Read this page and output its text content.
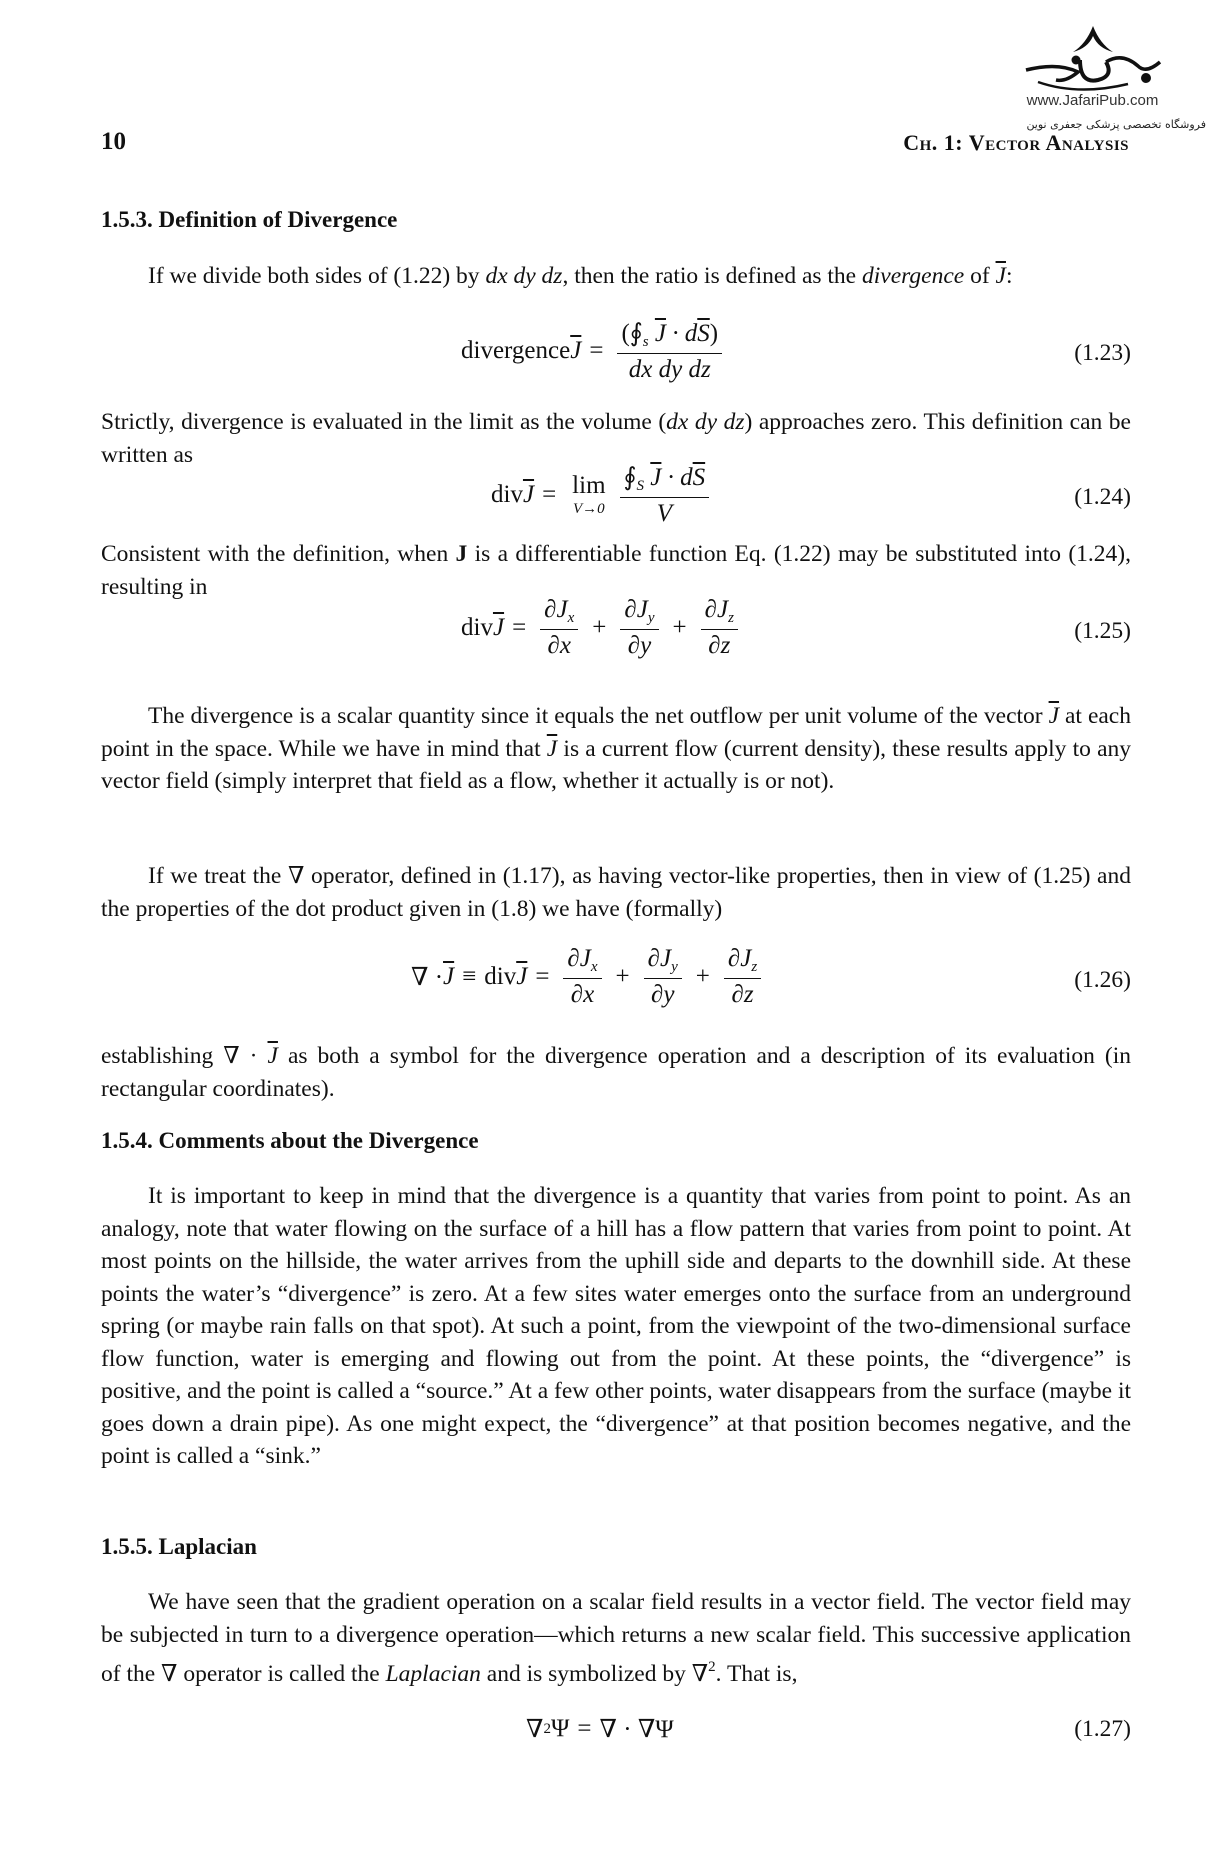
10
www.JafariPub.com
فروشگاه تخصصی پزشکی جعفری نوین
Ch. 1: Vector Analysis
1.5.3. Definition of Divergence
If we divide both sides of (1.22) by dx dy dz, then the ratio is defined as the divergence of $\overline{J}$:
divergence $\overline{J} = \frac{(∮_s \overline{J} \cdot d\overline{S})}{\text{dx dy dz}}$	(1.23)
Strictly, divergence is evaluated in the limit as the volume (dx dy dz) approaches zero. This definition can be written as
div $\overline{J} = \lim$
$V\to 0 \frac{∮_S \overline{J} \cdot d\overline{S}}{V}$	(1.24)
Consistent with the definition, when J is a differentiable function Eq. (1.22) may be substituted into (1.24), resulting in
div $\overline{J} = \frac{\partial J_x}{\partial x} + \frac{\partial J_y}{\partial y} + \frac{\partial J_z}{\partial z}$	(1.25)
The divergence is a scalar quantity since it equals the net outflow per unit volume of the vector $\overline{J}$ at each point in the space. While we have in mind that $\overline{J}$ is a current flow (current density), these results apply to any vector field (simply interpret that field as a flow, whether it actually is or not).
If we treat the ∇ operator, defined in (1.17), as having vector-like properties, then in view of (1.25) and the properties of the dot product given in (1.8) we have (formally)
∇ · $\overline{J}$ ≡ div $\overline{J} = \frac{\partial J_x}{\partial x} + \frac{\partial J_y}{\partial y} + \frac{\partial J_z}{\partial z}$	(1.26)
establishing ∇ · $\overline{J}$ as both a symbol for the divergence operation and a description of its evaluation (in rectangular coordinates).
1.5.4. Comments about the Divergence
It is important to keep in mind that the divergence is a quantity that varies from point to point. As an analogy, note that water flowing on the surface of a hill has a flow pattern that varies from point to point. At most points on the hillside, the water arrives from the uphill side and departs to the downhill side. At these points the water’s “divergence” is zero. At a few sites water emerges onto the surface from an underground spring (or maybe rain falls on that spot). At such a point, from the viewpoint of the two-dimensional surface flow function, water is emerging and flowing out from the point. At these points, the “divergence” is positive, and the point is called a “source.” At a few other points, water disappears from the surface (maybe it goes down a drain pipe). As one might expect, the “divergence” at that position becomes negative, and the point is called a “sink.”
1.5.5. Laplacian
We have seen that the gradient operation on a scalar field results in a vector field. The vector field may be subjected in turn to a divergence operation—which returns a new scalar field. This successive application of the ∇ operator is called the Laplacian and is symbolized by ∇$^2$. That is,
∇ 2 Ψ = ∇ · ∇Ψ	(1.27)
